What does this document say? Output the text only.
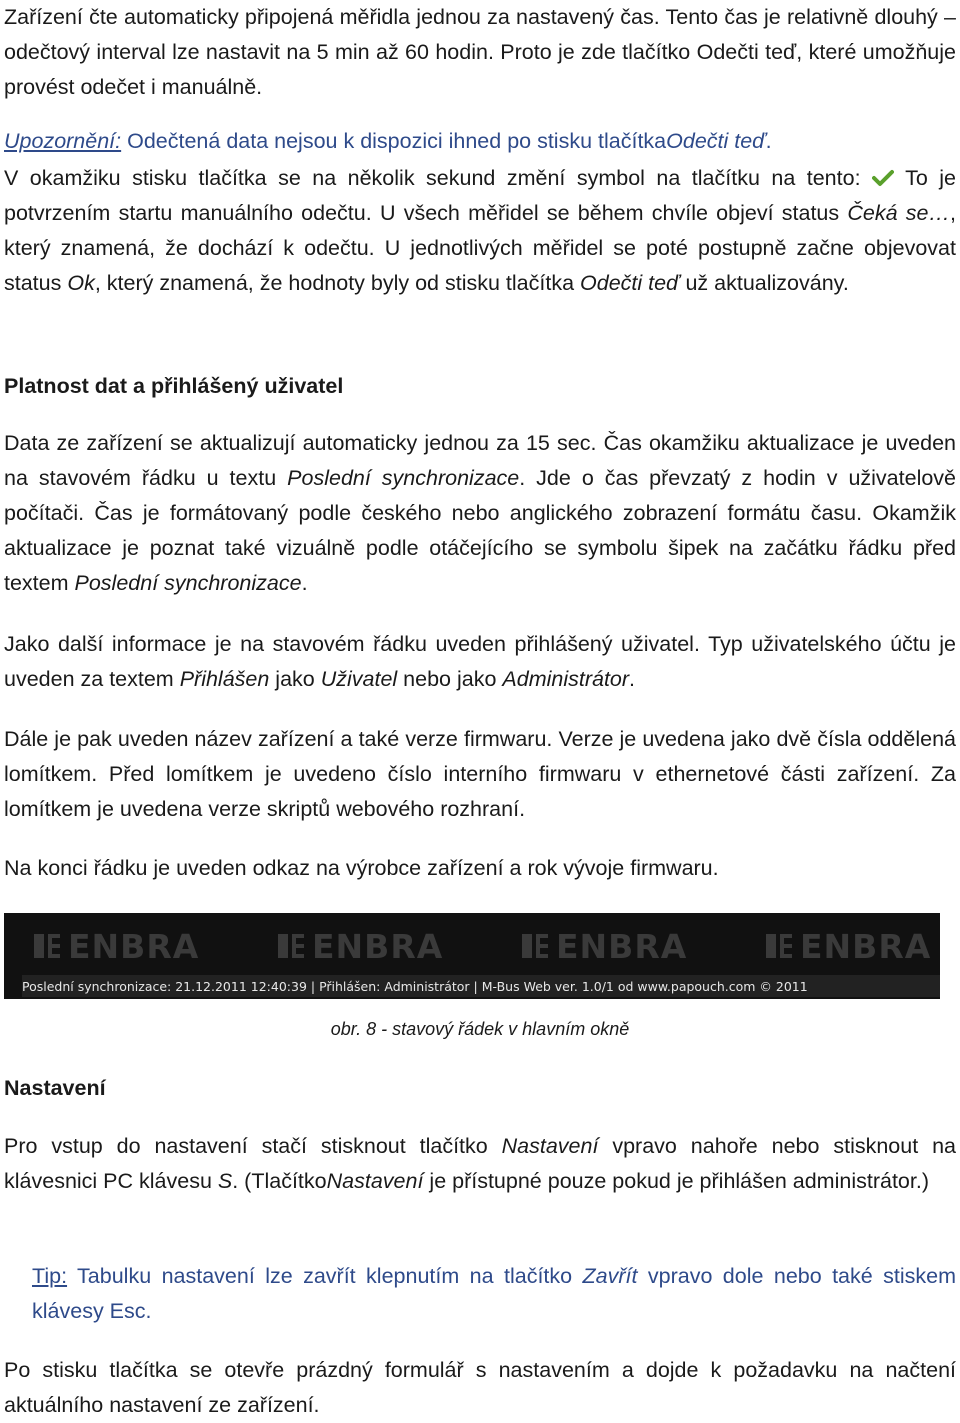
Zařízení čte automaticky připojená měřidla jednou za nastavený čas. Tento čas je relativně dlouhý – odečtový interval lze nastavit na 5 min až 60 hodin. Proto je zde tlačítko Odečti teď, které umožňuje provést odečet i manuálně.

Upozornění: Odečtená data nejsou k dispozici ihned po stisku tlačítkaOdečti teď.

V okamžiku stisku tlačítka se na několik sekund změní symbol na tlačítku na tento:  To je potvrzením startu manuálního odečtu. U všech měřidel se během chvíle objeví status Čeká se…, který znamená, že dochází k odečtu. U jednotlivých měřidel se poté postupně začne objevovat status Ok, který znamená, že hodnoty byly od stisku tlačítka Odečti teď už aktualizovány.

Platnost dat a přihlášený uživatel

Data ze zařízení se aktualizují automaticky jednou za 15 sec. Čas okamžiku aktualizace je uveden na stavovém řádku u textu Poslední synchronizace. Jde o čas převzatý z hodin v uživatelově počítači. Čas je formátovaný podle českého nebo anglického zobrazení formátu času. Okamžik aktualizace je poznat také vizuálně podle otáčejícího se symbolu šipek na začátku řádku před textem Poslední synchronizace.

Jako další informace je na stavovém řádku uveden přihlášený uživatel. Typ uživatelského účtu je uveden za textem Přihlášen jako Uživatel nebo jako Administrátor.

Dále je pak uveden název zařízení a také verze firmwaru. Verze je uvedena jako dvě čísla oddělená lomítkem. Před lomítkem je uvedeno číslo interního firmwaru v ethernetové části zařízení. Za lomítkem je uvedena verze skriptů webového rozhraní.

Na konci řádku je uveden odkaz na výrobce zařízení a rok vývoje firmwaru.

ENBRA	ENBRA	ENBRA	ENBRA
Poslední synchronizace: 21.12.2011 12:40:39 | Přihlášen: Administrátor | M-Bus Web ver. 1.0/1 od www.papouch.com © 2011
obr. 8 - stavový řádek v hlavním okně
Nastavení

Pro vstup do nastavení stačí stisknout tlačítko Nastavení vpravo nahoře nebo stisknout na klávesnici PC klávesu S. (TlačítkoNastavení je přístupné pouze pokud je přihlášen administrátor.)

Tip: Tabulku nastavení lze zavřít klepnutím na tlačítko Zavřít vpravo dole nebo také stiskem klávesy Esc.

Po stisku tlačítka se otevře prázdný formulář s nastavením a dojde k požadavku na načtení aktuálního nastavení ze zařízení.
